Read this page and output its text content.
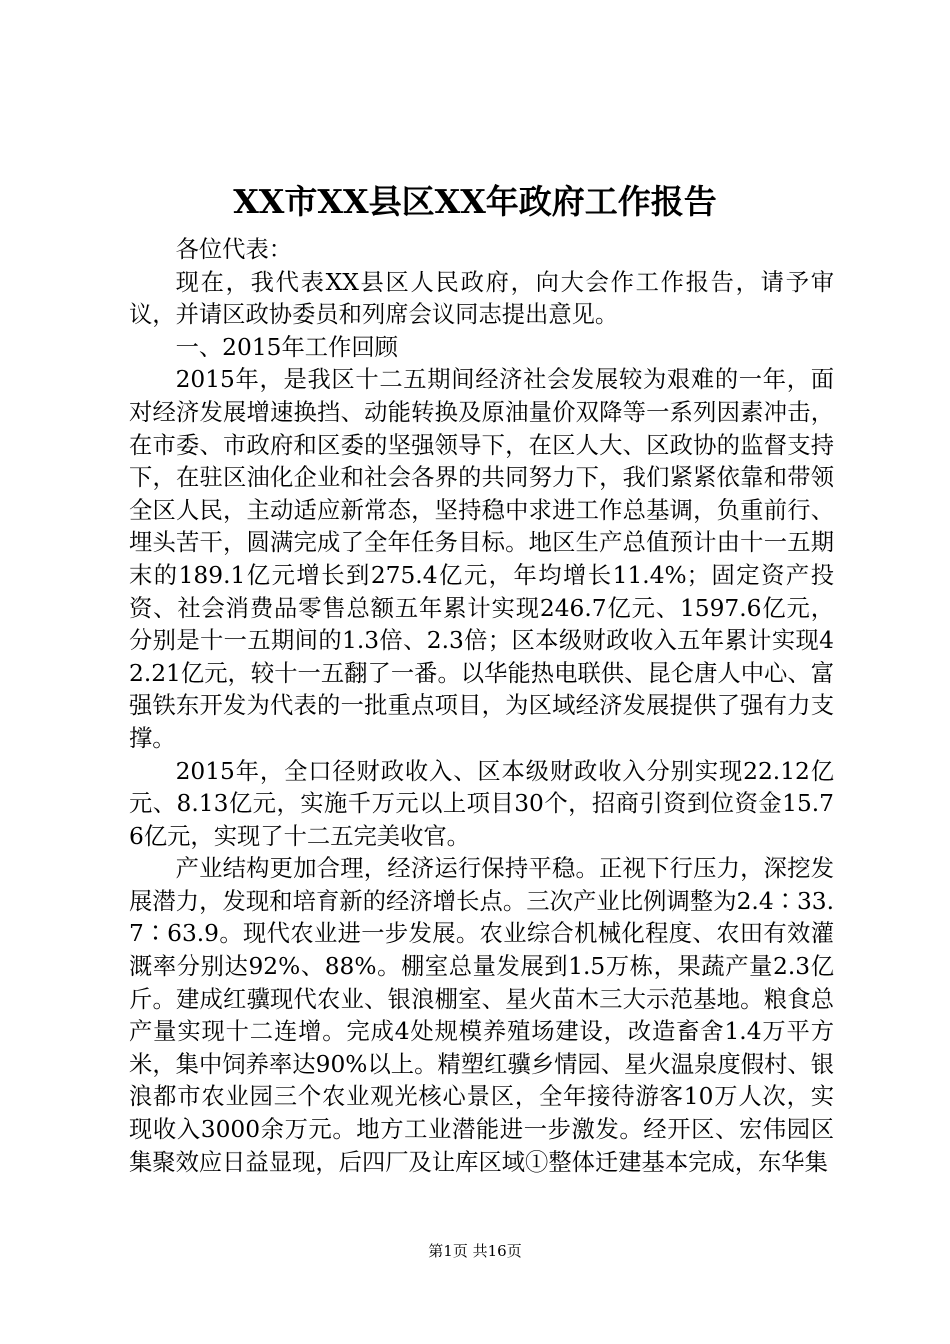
XX市XX县区XX年政府工作报告

各位代表：

现在，我代表XX县区人民政府，向大会作工作报告，请予审议，并请区政协委员和列席会议同志提出意见。

一、2015年工作回顾

2015年，是我区十二五期间经济社会发展较为艰难的一年，面对经济发展增速换挡、动能转换及原油量价双降等一系列因素冲击，在市委、市政府和区委的坚强领导下，在区人大、区政协的监督支持下，在驻区油化企业和社会各界的共同努力下，我们紧紧依靠和带领全区人民，主动适应新常态，坚持稳中求进工作总基调，负重前行、埋头苦干，圆满完成了全年任务目标。地区生产总值预计由十一五期末的189.1亿元增长到275.4亿元，年均增长11.4%；固定资产投资、社会消费品零售总额五年累计实现246.7亿元、1597.6亿元，分别是十一五期间的1.3倍、2.3倍；区本级财政收入五年累计实现42.21亿元，较十一五翻了一番。以华能热电联供、昆仑唐人中心、富强铁东开发为代表的一批重点项目，为区域经济发展提供了强有力支撑。

2015年，全口径财政收入、区本级财政收入分别实现22.12亿元、8.13亿元，实施千万元以上项目30个，招商引资到位资金15.76亿元，实现了十二五完美收官。

产业结构更加合理，经济运行保持平稳。正视下行压力，深挖发展潜力，发现和培育新的经济增长点。三次产业比例调整为2.4∶33.7∶63.9。现代农业进一步发展。农业综合机械化程度、农田有效灌溉率分别达92%、88%。棚室总量发展到1.5万栋，果蔬产量2.3亿斤。建成红骥现代农业、银浪棚室、星火苗木三大示范基地。粮食总产量实现十二连增。完成4处规模养殖场建设，改造畜舍1.4万平方米，集中饲养率达90%以上。精塑红骥乡情园、星火温泉度假村、银浪都市农业园三个农业观光核心景区，全年接待游客10万人次，实现收入3000余万元。地方工业潜能进一步激发。经开区、宏伟园区集聚效应日益显现，后四厂及让库区域①整体迁建基本完成，东华集

第1页 共16页
